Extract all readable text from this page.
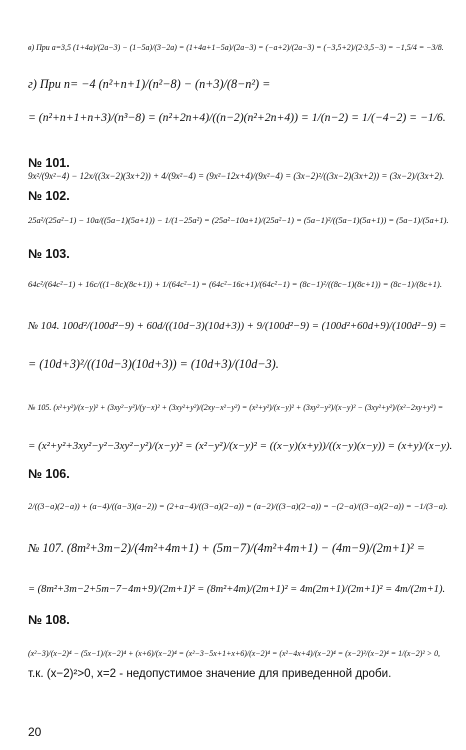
в) При a=3,5 (1+4a)/(2a−3) − (1−5a)/(3−2a) = (1+4a+1−5a)/(2a−3) = (−a+2)/(2a−3) = (−3,5+2)/(2·3,5−3) = −1,5/4 = −3/8.
г) При n= −4 (n²+n+1)/(n²−8) − (n+3)/(8−n²) =
= (n²+n+1+n+3)/(n³−8) = (n²+2n+4)/((n−2)(n²+2n+4)) = 1/(n−2) = 1/(−4−2) = −1/6.
№ 101.
9x²/(9x²−4) − 12x/((3x−2)(3x+2)) + 4/(9x²−4) = (9x²−12x+4)/(9x²−4) = (3x−2)²/((3x−2)(3x+2)) = (3x−2)/(3x+2).
№ 102.
25a²/(25a²−1) − 10a/((5a−1)(5a+1)) − 1/(1−25a²) = (25a²−10a+1)/(25a²−1) = (5a−1)²/((5a−1)(5a+1)) = (5a−1)/(5a+1).
№ 103.
64c²/(64c²−1) + 16c/((1−8c)(8c+1)) + 1/(64c²−1) = (64c²−16c+1)/(64c²−1) = (8c−1)²/((8c−1)(8c+1)) = (8c−1)/(8c+1).
№ 104. 100d²/(100d²−9) + 60d/((10d−3)(10d+3)) + 9/(100d²−9) = (100d²+60d+9)/(100d²−9) =
= (10d+3)²/((10d−3)(10d+3)) = (10d+3)/(10d−3).
№ 105. (x²+y²)/(x−y)² + (3xy²−y²)/(y−x)² + (3xy²+y²)/(2xy−x²−y²) = (x²+y²)/(x−y)² + (3xy²−y²)/(x−y)² − (3xy²+y²)/(x²−2xy+y²) =
= (x²+y²+3xy²−y²−3xy²−y²)/(x−y)² = (x²−y²)/(x−y)² = ((x−y)(x+y))/((x−y)(x−y)) = (x+y)/(x−y).
№ 106.
2/((3−a)(2−a)) + (a−4)/((a−3)(a−2)) = (2+a−4)/((3−a)(2−a)) = (a−2)/((3−a)(2−a)) = −(2−a)/((3−a)(2−a)) = −1/(3−a).
№ 107. (8m²+3m−2)/(4m²+4m+1) + (5m−7)/(4m²+4m+1) − (4m−9)/(2m+1)² =
= (8m²+3m−2+5m−7−4m+9)/(2m+1)² = (8m²+4m)/(2m+1)² = 4m(2m+1)/(2m+1)² = 4m/(2m+1).
№ 108.
(x²−3)/(x−2)⁴ − (5x−1)/(x−2)⁴ + (x+6)/(x−2)⁴ = (x²−3−5x+1+x+6)/(x−2)⁴ = (x²−4x+4)/(x−2)⁴ = (x−2)²/(x−2)⁴ = 1/(x−2)² > 0,
т.к. (x−2)²>0, x=2 - недопустимое значение для приведенной дроби.
20
